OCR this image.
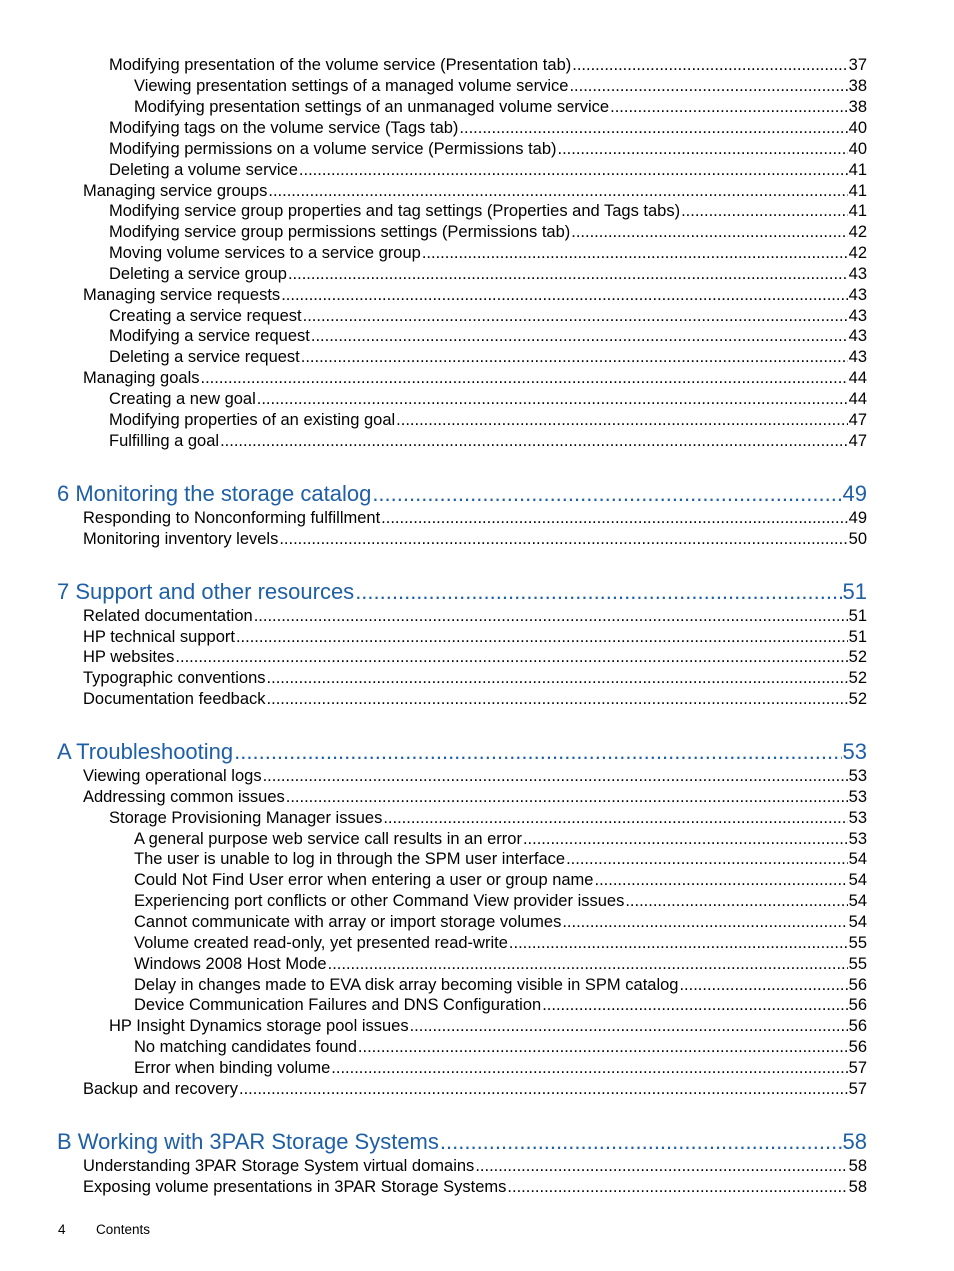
Modifying presentation of the volume service (Presentation tab) .....	37
Viewing presentation settings of a managed volume service .....	38
Modifying presentation settings of an unmanaged volume service .....	38
Modifying tags on the volume service (Tags tab) .....	40
Modifying permissions on a volume service (Permissions tab) .....	40
Deleting a volume service .....	41
Managing service groups .....	41
Modifying service group properties and tag settings (Properties and Tags tabs) .....	41
Modifying service group permissions settings (Permissions tab) .....	42
Moving volume services to a service group .....	42
Deleting a service group .....	43
Managing service requests .....	43
Creating a service request .....	43
Modifying a service request .....	43
Deleting a service request .....	43
Managing goals .....	44
Creating a new goal .....	44
Modifying properties of an existing goal .....	47
Fulfilling a goal .....	47
6 Monitoring the storage catalog .....	49
Responding to Nonconforming fulfillment .....	49
Monitoring inventory levels .....	50
7 Support and other resources .....	51
Related documentation .....	51
HP technical support .....	51
HP websites .....	52
Typographic conventions .....	52
Documentation feedback .....	52
A Troubleshooting .....	53
Viewing operational logs .....	53
Addressing common issues .....	53
Storage Provisioning Manager issues .....	53
A general purpose web service call results in an error .....	53
The user is unable to log in through the SPM user interface .....	54
Could Not Find User error when entering a user or group name .....	54
Experiencing port conflicts or other Command View provider issues .....	54
Cannot communicate with array or import storage volumes .....	54
Volume created read-only, yet presented read-write .....	55
Windows 2008 Host Mode .....	55
Delay in changes made to EVA disk array becoming visible in SPM catalog .....	56
Device Communication Failures and DNS Configuration .....	56
HP Insight Dynamics storage pool issues .....	56
No matching candidates found .....	56
Error when binding volume .....	57
Backup and recovery .....	57
B Working with 3PAR Storage Systems .....	58
Understanding 3PAR Storage System virtual domains .....	58
Exposing volume presentations in 3PAR Storage Systems .....	58
4 Contents
